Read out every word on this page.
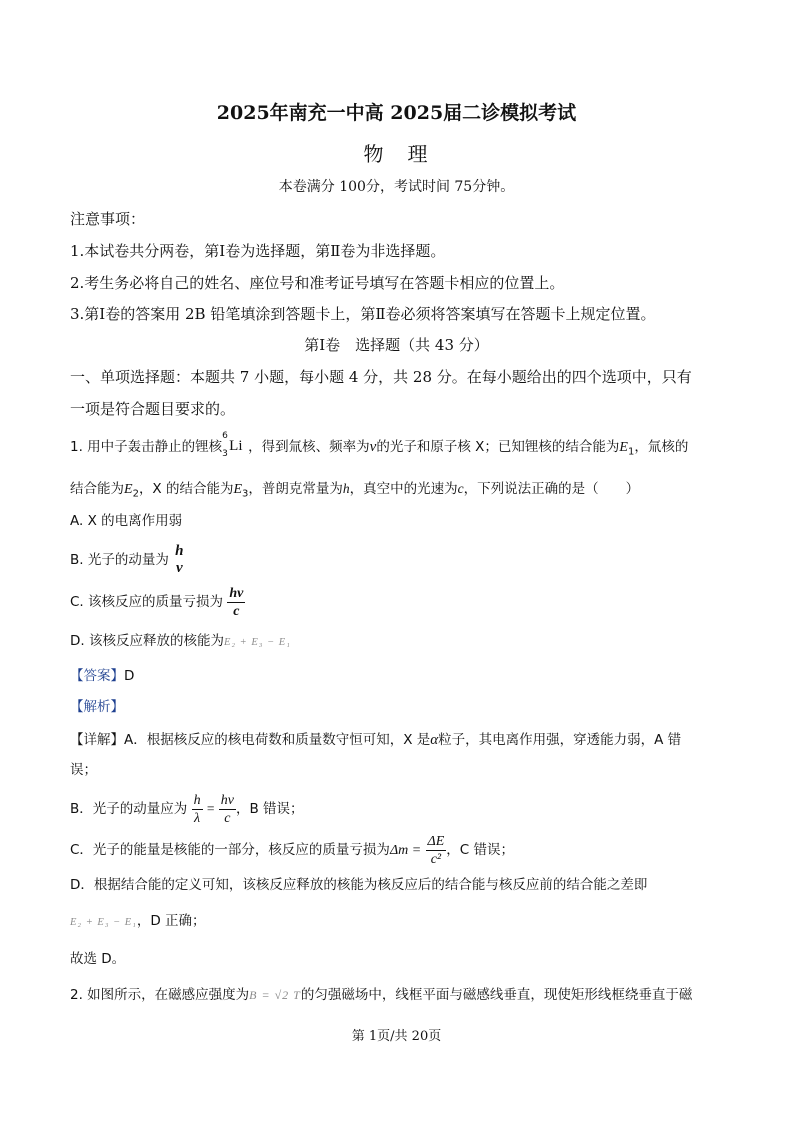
2025年南充一中高 2025届二诊模拟考试
物　理
本卷满分 100分，考试时间 75分钟。
注意事项：
1.本试卷共分两卷，第Ⅰ卷为选择题，第Ⅱ卷为非选择题。
2.考生务必将自己的姓名、座位号和准考证号填写在答题卡相应的位置上。
3.第Ⅰ卷的答案用 2B 铅笔填涂到答题卡上，第Ⅱ卷必须将答案填写在答题卡上规定位置。
第Ⅰ卷　选择题（共 43 分）
一、单项选择题：本题共 7 小题，每小题 4 分，共 28 分。在每小题给出的四个选项中，只有
一项是符合题目要求的。
1. 用中子轰击静止的锂核
6
3 Li ，得到氚核、频率为ν的光子和原子核 X；已知锂核的结合能为$E_1$，氚核的
结合能为$E_2$，X 的结合能为$E_3$，普朗克常量为h，真空中的光速为c，下列说法正确的是（　　）
A. X 的电离作用弱
B. 光子的动量为
h
ν
C. 该核反应的质量亏损为 $\frac{h\nu}{c}$
D. 该核反应释放的核能为E₂ + E₃ − E₁
【答案】D
【解析】
【详解】A．根据核反应的核电荷数和质量数守恒可知，X 是α粒子，其电离作用强，穿透能力弱，A 错
误；
B．光子的动量应为 $\frac{h}{\lambda} = \frac{h\nu}{c}$ ，B 错误；
C．光子的能量是核能的一部分，核反应的质量亏损为$\Delta m = \frac{\Delta E}{\text{c²}}$ ，C 错误；
D．根据结合能的定义可知，该核反应释放的核能为核反应后的结合能与核反应前的结合能之差即
E₂ + E₃ − E₁，D 正确；
故选 D。
2. 如图所示，在磁感应强度为B = √2 T的匀强磁场中，线框平面与磁感线垂直，现使矩形线框绕垂直于磁
第 1页/共 20页
